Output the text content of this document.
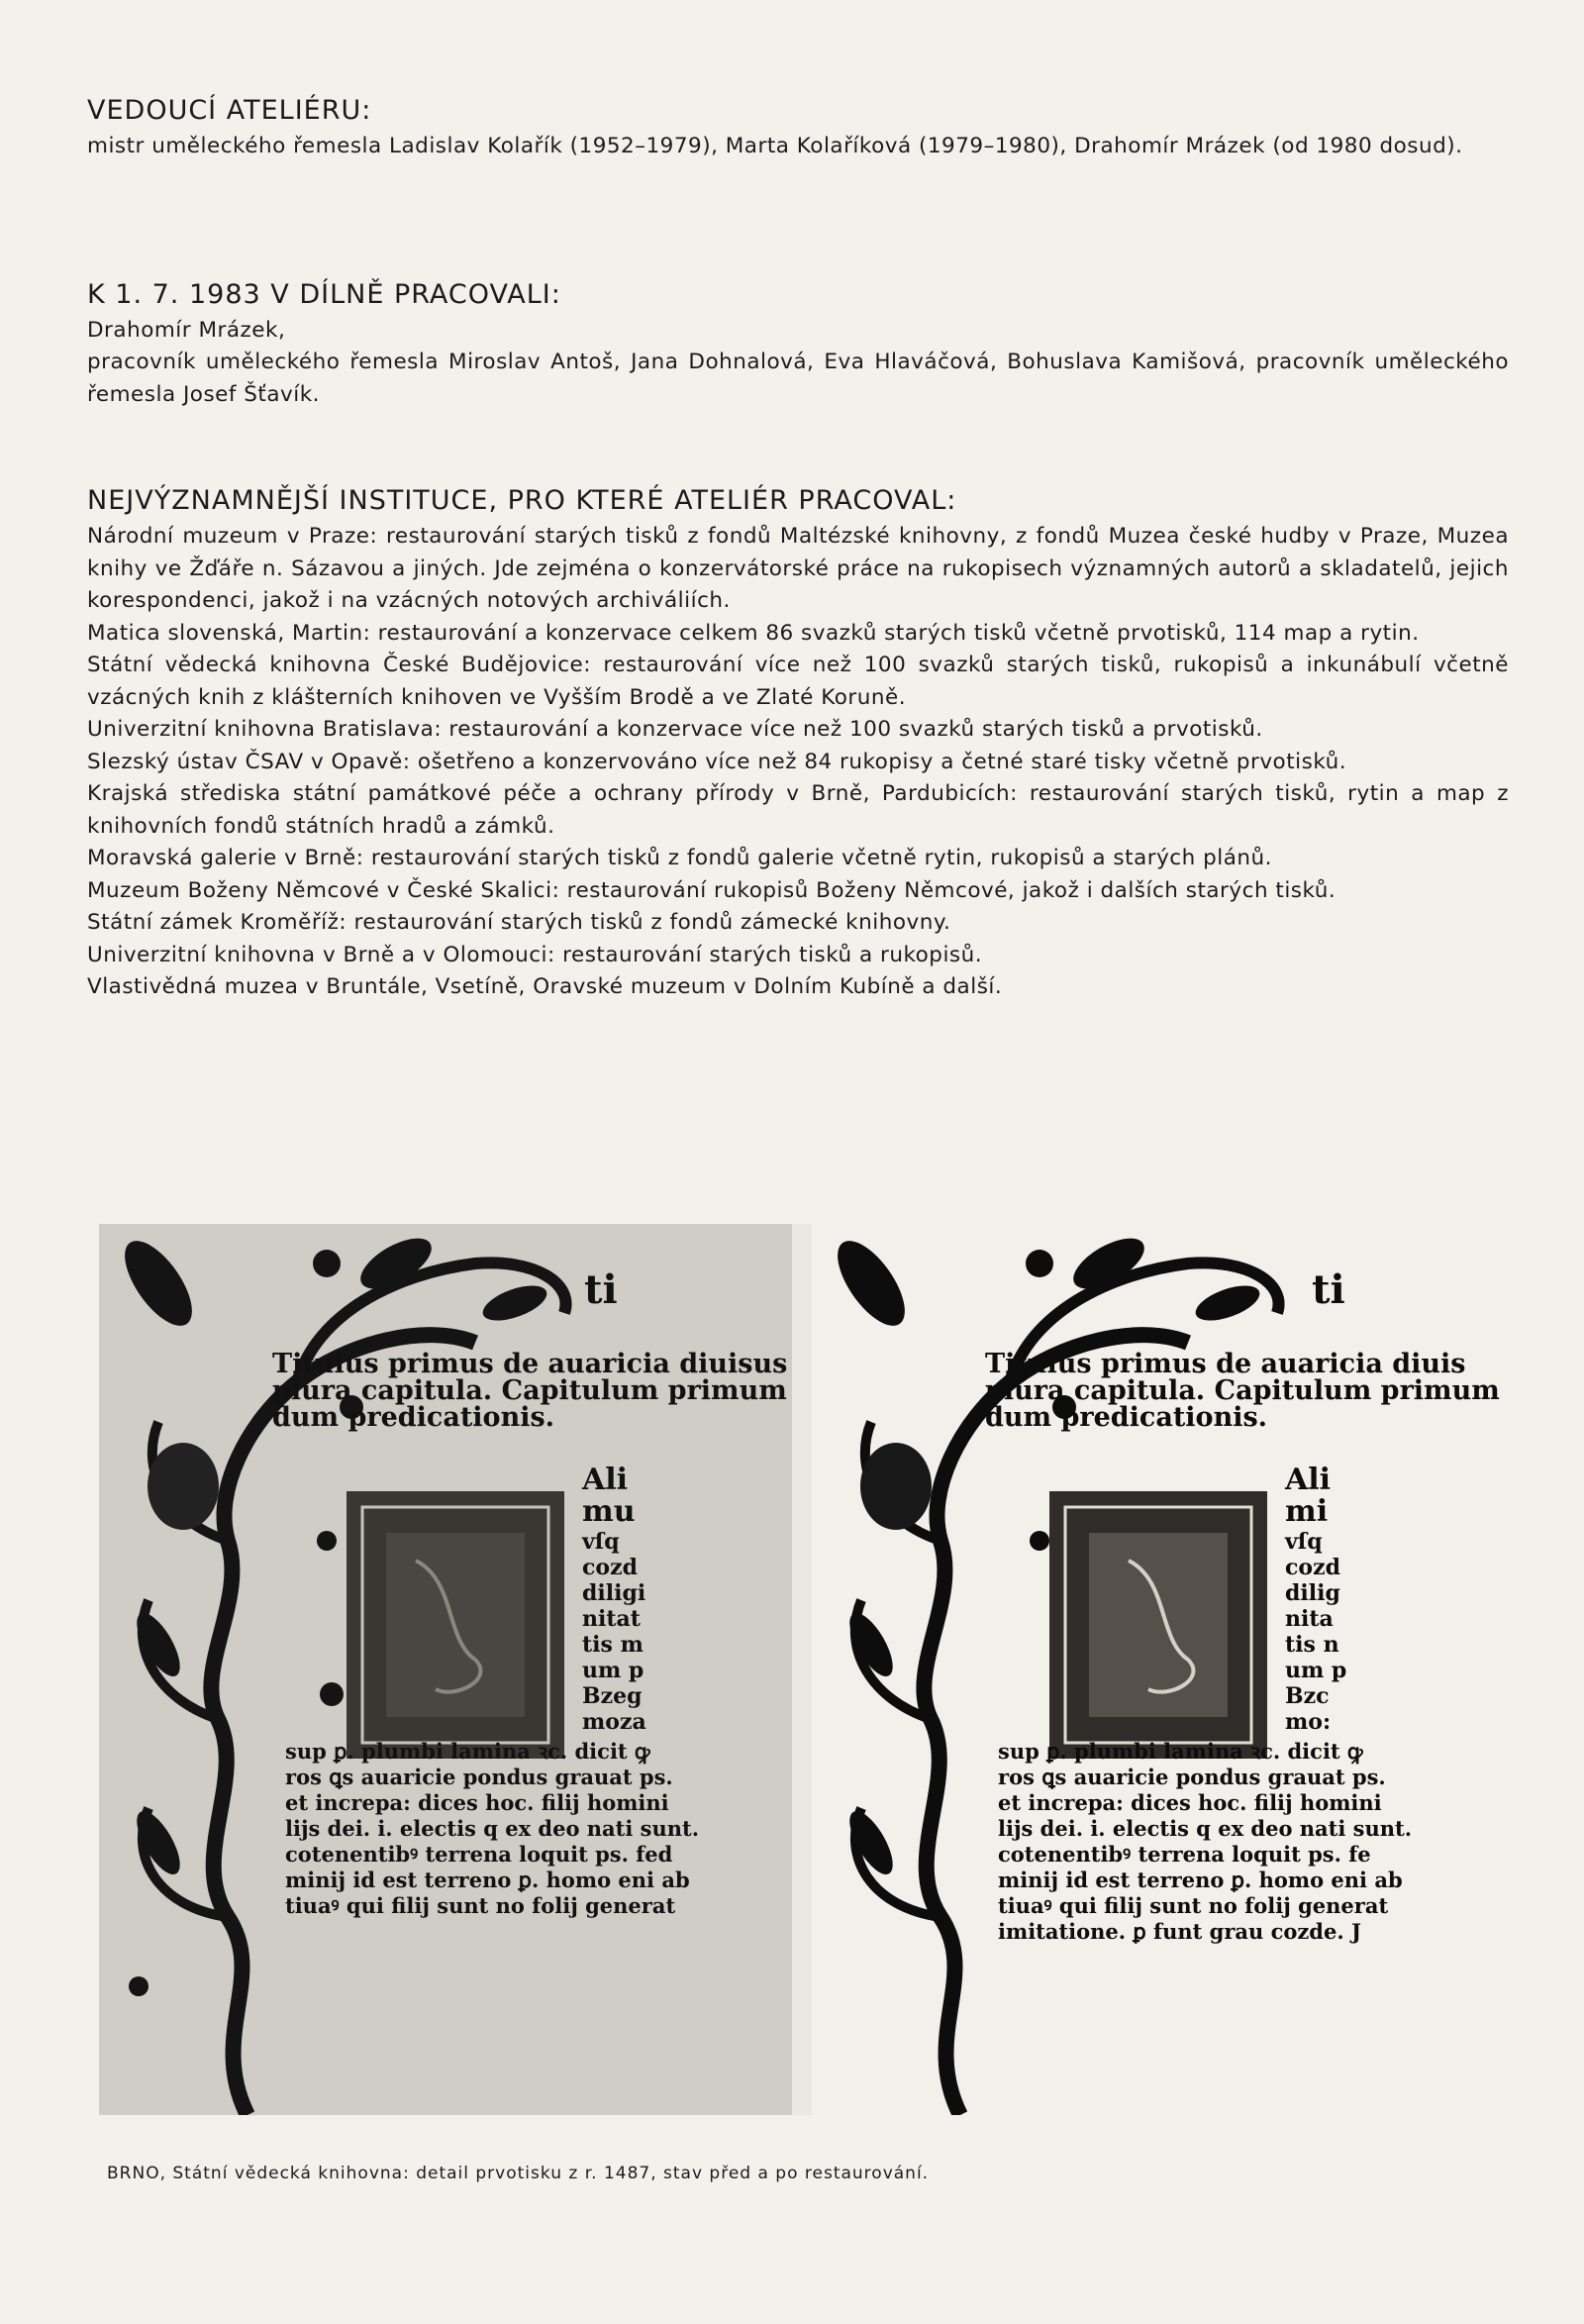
VEDOUCÍ ATELIÉRU:

mistr uměleckého řemesla Ladislav Kolařík (1952–1979), Marta Kolaříková (1979–1980), Drahomír Mrázek (od 1980 dosud).

K 1. 7. 1983 V DÍLNĚ PRACOVALI:

Drahomír Mrázek,

pracovník uměleckého řemesla Miroslav Antoš, Jana Dohnalová, Eva Hlaváčová, Bohuslava Kamišová, pracovník uměleckého řemesla Josef Šťavík.

NEJVÝZNAMNĚJŠÍ INSTITUCE, PRO KTERÉ ATELIÉR PRACOVAL:
Národní muzeum v Praze: restaurování starých tisků z fondů Maltézské knihovny, z fondů Muzea české hudby v Praze, Muzea knihy ve Žďáře n. Sázavou a jiných. Jde zejména o konzervátorské práce na rukopisech významných autorů a skladatelů, jejich korespondenci, jakož i na vzácných notových archiváliích.
Matica slovenská, Martin: restaurování a konzervace celkem 86 svazků starých tisků včetně prvotisků, 114 map a rytin.
Státní vědecká knihovna České Budějovice: restaurování více než 100 svazků starých tisků, rukopisů a inkunábulí včetně vzácných knih z klášterních knihoven ve Vyšším Brodě a ve Zlaté Koruně.
Univerzitní knihovna Bratislava: restaurování a konzervace více než 100 svazků starých tisků a prvotisků.
Slezský ústav ČSAV v Opavě: ošetřeno a konzervováno více než 84 rukopisy a četné staré tisky včetně prvotisků.
Krajská střediska státní památkové péče a ochrany přírody v Brně, Pardubicích: restaurování starých tisků, rytin a map z knihovních fondů státních hradů a zámků.
Moravská galerie v Brně: restaurování starých tisků z fondů galerie včetně rytin, rukopisů a starých plánů.
Muzeum Boženy Němcové v České Skalici: restaurování rukopisů Boženy Němcové, jakož i dalších starých tisků.
Státní zámek Kroměříž: restaurování starých tisků z fondů zámecké knihovny.
Univerzitní knihovna v Brně a v Olomouci: restaurování starých tisků a rukopisů.
Vlastivědná muzea v Bruntále, Vsetíně, Oravské muzeum v Dolním Kubíně a další.
Titulus primus de auaricia diuisus
plura capitula. Capitulum primum
dum predicationis.
ti
Ali
mu
vſq
cozd
diligi
nitat
tis m
um p
Bzeg
moza
sup ꝑ. plumbi lamina ꝛc. dicit ꝙ
ros ꝗs auaricie pondus grauat ps.
et increpa: dices hoc. filij homini
lijs dei. i. electis q ex deo nati sunt.
cotenentibꝰ terrena loquit ps. fed
minij id est terreno ꝑ. homo eni ab
tiuaꝰ qui filij sunt no folij generat
Titulus primus de auaricia diuis
plura capitula. Capitulum primum
dum predicationis.
ti
Ali
mi
vſq
cozd
dilig
nita
tis n
um p
Bzc
mo:
sup ꝑ. plumbi lamina ꝛc. dicit ꝙ
ros ꝗs auaricie pondus grauat ps.
et increpa: dices hoc. filij homini
lijs dei. i. electis q ex deo nati sunt.
cotenentibꝰ terrena loquit ps. fe
minij id est terreno ꝑ. homo eni ab
tiuaꝰ qui filij sunt no folij generat
imitatione. ꝑ funt grau cozde. J

BRNO, Státní vědecká knihovna: detail prvotisku z r. 1487, stav před a po restaurování.
